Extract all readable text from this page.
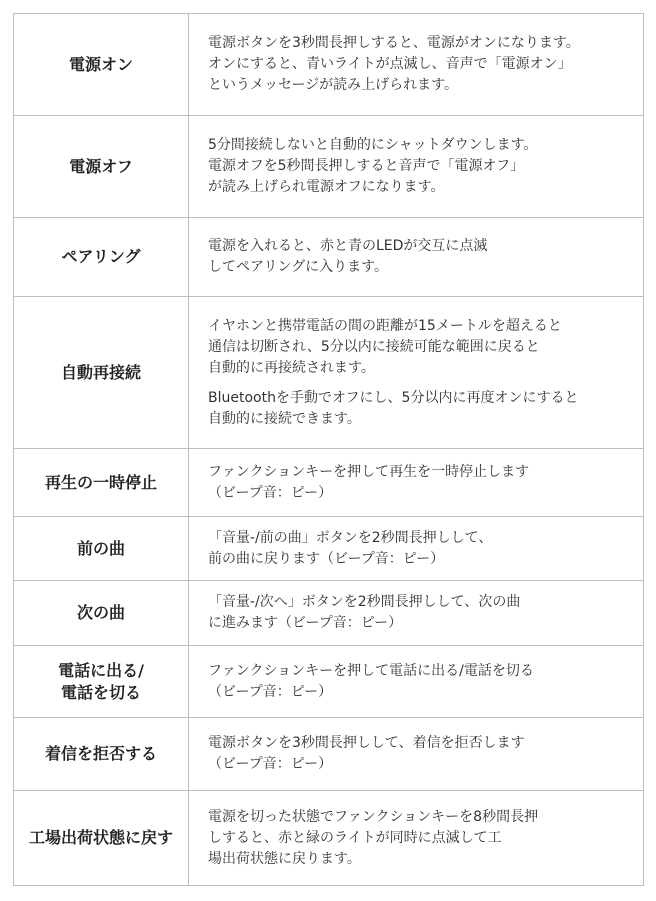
電源オン

電源ボタンを3秒間長押しすると、電源がオンになります。
オンにすると、青いライトが点滅し、音声で「電源オン」
というメッセージが読み上げられます。

電源オフ

5分間接続しないと自動的にシャットダウンします。
電源オフを5秒間長押しすると音声で「電源オフ」
が読み上げられ電源オフになります。

ペアリング

電源を入れると、赤と青のLEDが交互に点滅
してペアリングに入ります。

自動再接続

イヤホンと携帯電話の間の距離が15メートルを超えると
通信は切断され、5分以内に接続可能な範囲に戻ると
自動的に再接続されます。

Bluetoothを手動でオフにし、5分以内に再度オンにすると
自動的に接続できます。

再生の一時停止

ファンクションキーを押して再生を一時停止します
（ビープ音：ピー）

前の曲

「音量-/前の曲」ボタンを2秒間長押しして、
前の曲に戻ります（ビープ音：ピー）

次の曲

「音量-/次へ」ボタンを2秒間長押しして、次の曲
に進みます（ビープ音：ピー）

電話に出る/
電話を切る

ファンクションキーを押して電話に出る/電話を切る
（ビープ音：ピー）

着信を拒否する

電源ボタンを3秒間長押しして、着信を拒否します
（ビープ音：ピー）

工場出荷状態に戻す

電源を切った状態でファンクションキーを8秒間長押
しすると、赤と緑のライトが同時に点滅して工
場出荷状態に戻ります。
